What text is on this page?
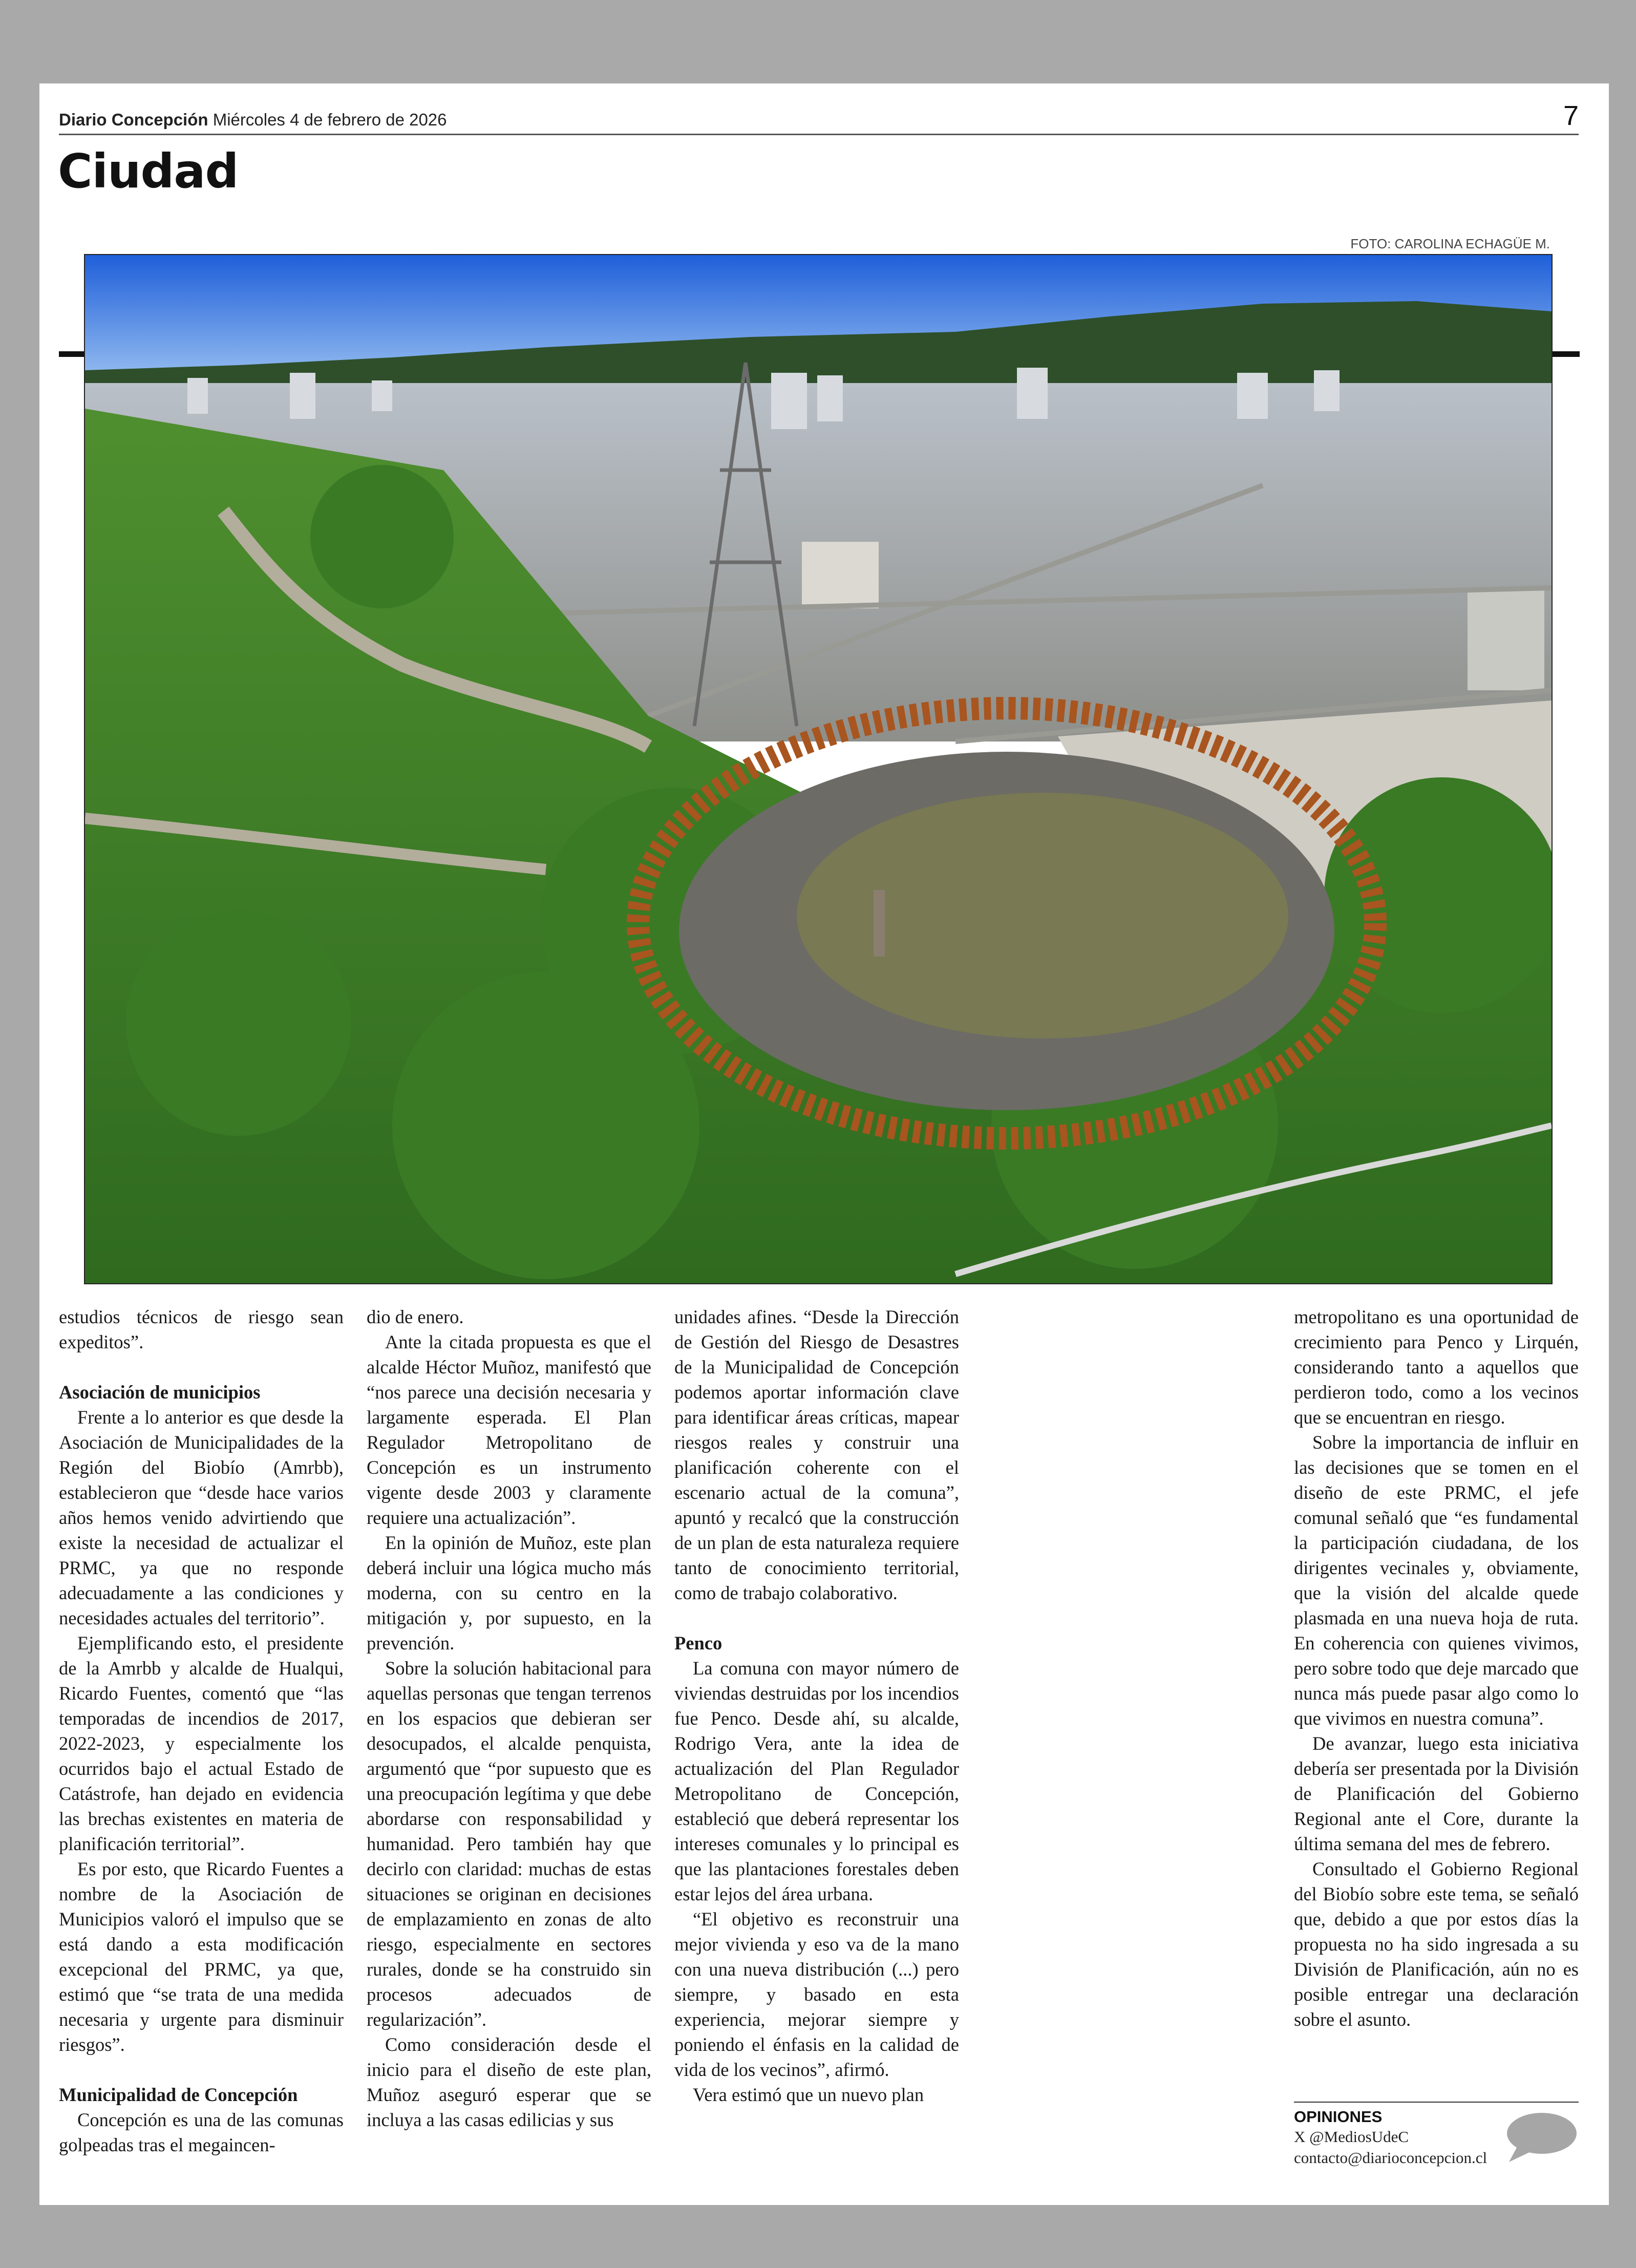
Diario Concepción Miércoles 4 de febrero de 2026	7
Ciudad
FOTO: CAROLINA ECHAGÜE M.

estudios técnicos de riesgo sean expeditos”.

Asociación de municipios

Frente a lo anterior es que desde la Asociación de Municipalidades de la Región del Biobío (Amrbb), establecieron que “desde hace varios años hemos venido advirtiendo que existe la necesidad de actualizar el PRMC, ya que no responde adecuadamente a las condiciones y necesidades actuales del territorio”.

Ejemplificando esto, el presidente de la Amrbb y alcalde de Hualqui, Ricardo Fuentes, comentó que “las temporadas de incendios de 2017, 2022-2023, y especialmente los ocurridos bajo el actual Estado de Catástrofe, han dejado en evidencia las brechas existentes en materia de planificación territorial”.

Es por esto, que Ricardo Fuentes a nombre de la Asociación de Municipios valoró el impulso que se está dando a esta modificación excepcional del PRMC, ya que, estimó que “se trata de una medida necesaria y urgente para disminuir riesgos”.

Municipalidad de Concepción

Concepción es una de las comunas golpeadas tras el megaincen-

dio de enero.

Ante la citada propuesta es que el alcalde Héctor Muñoz, manifestó que “nos parece una decisión necesaria y largamente esperada. El Plan Regulador Metropolitano de Concepción es un instrumento vigente desde 2003 y claramente requiere una actualización”.

En la opinión de Muñoz, este plan deberá incluir una lógica mucho más moderna, con su centro en la mitigación y, por supuesto, en la prevención.

Sobre la solución habitacional para aquellas personas que tengan terrenos en los espacios que debieran ser desocupados, el alcalde penquista, argumentó que “por supuesto que es una preocupación legítima y que debe abordarse con responsabilidad y humanidad. Pero también hay que decirlo con claridad: muchas de estas situaciones se originan en decisiones de emplazamiento en zonas de alto riesgo, especialmente en sectores rurales, donde se ha construido sin procesos adecuados de regularización”.

Como consideración desde el inicio para el diseño de este plan, Muñoz aseguró esperar que se incluya a las casas edilicias y sus

unidades afines. “Desde la Dirección de Gestión del Riesgo de Desastres de la Municipalidad de Concepción podemos aportar información clave para identificar áreas críticas, mapear riesgos reales y construir una planificación coherente con el escenario actual de la comuna”, apuntó y recalcó que la construcción de un plan de esta naturaleza requiere tanto de conocimiento territorial, como de trabajo colaborativo.

Penco

La comuna con mayor número de viviendas destruidas por los incendios fue Penco. Desde ahí, su alcalde, Rodrigo Vera, ante la idea de actualización del Plan Regulador Metropolitano de Concepción, estableció que deberá representar los intereses comunales y lo principal es que las plantaciones forestales deben estar lejos del área urbana.

“El objetivo es reconstruir una mejor vivienda y eso va de la mano con una nueva distribución (...) pero siempre, y basado en esta experiencia, mejorar siempre y poniendo el énfasis en la calidad de vida de los vecinos”, afirmó.

Vera estimó que un nuevo plan

metropolitano es una oportunidad de crecimiento para Penco y Lirquén, considerando tanto a aquellos que perdieron todo, como a los vecinos que se encuentran en riesgo.

Sobre la importancia de influir en las decisiones que se tomen en el diseño de este PRMC, el jefe comunal señaló que “es fundamental la participación ciudadana, de los dirigentes vecinales y, obviamente, que la visión del alcalde quede plasmada en una nueva hoja de ruta. En coherencia con quienes vivimos, pero sobre todo que deje marcado que nunca más puede pasar algo como lo que vivimos en nuestra comuna”.

De avanzar, luego esta iniciativa debería ser presentada por la División de Planificación del Gobierno Regional ante el Core, durante la última semana del mes de febrero.

Consultado el Gobierno Regional del Biobío sobre este tema, se señaló que, debido a que por estos días la propuesta no ha sido ingresada a su División de Planificación, aún no es posible entregar una declaración sobre el asunto.

OPINIONES
X @MediosUdeC
contacto@diarioconcepcion.cl
